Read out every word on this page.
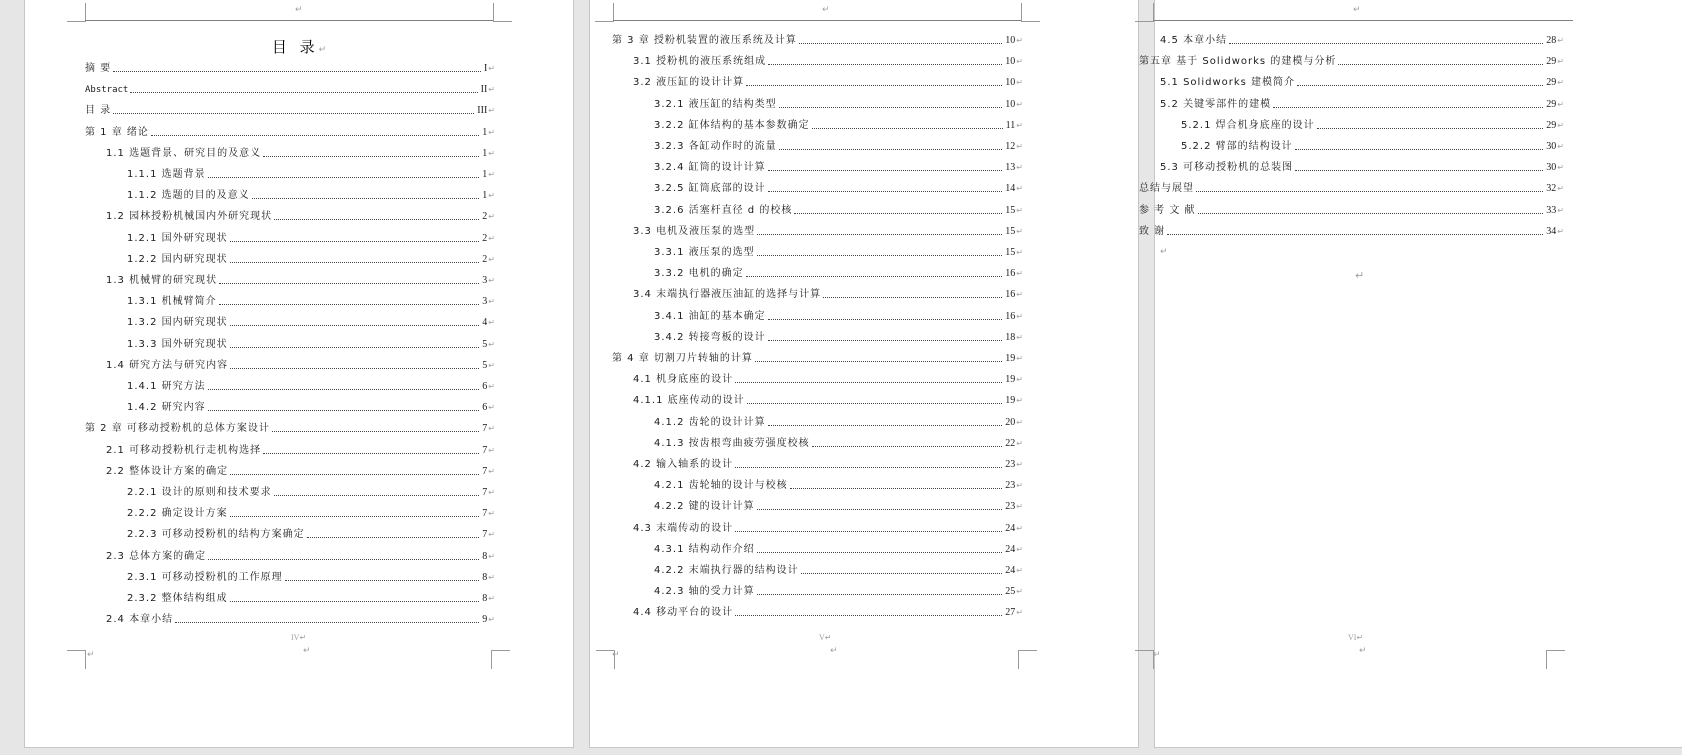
↵
目 录↵
摘 要	I ↵
Abstract	II ↵
目 录	III ↵
第 1 章 绪论	1 ↵
1.1 选题背景、研究目的及意义	1 ↵
1.1.1 选题背景	1 ↵
1.1.2 选题的目的及意义	1 ↵
1.2 园林授粉机械国内外研究现状	2 ↵
1.2.1 国外研究现状	2 ↵
1.2.2 国内研究现状	2 ↵
1.3 机械臂的研究现状	3 ↵
1.3.1 机械臂简介	3 ↵
1.3.2 国内研究现状	4 ↵
1.3.3 国外研究现状	5 ↵
1.4 研究方法与研究内容	5 ↵
1.4.1 研究方法	6 ↵
1.4.2 研究内容	6 ↵
第 2 章 可移动授粉机的总体方案设计	7 ↵
2.1 可移动授粉机行走机构选择	7 ↵
2.2 整体设计方案的确定	7 ↵
2.2.1 设计的原则和技术要求	7 ↵
2.2.2 确定设计方案	7 ↵
2.2.3 可移动授粉机的结构方案确定	7 ↵
2.3 总体方案的确定	8 ↵
2.3.1 可移动授粉机的工作原理	8 ↵
2.3.2 整体结构组成	8 ↵
2.4 本章小结	9 ↵
IV↵
↵	↵
↵
第 3 章 授粉机装置的液压系统及计算	10 ↵
3.1 授粉机的液压系统组成	10 ↵
3.2 液压缸的设计计算	10 ↵
3.2.1 液压缸的结构类型	10 ↵
3.2.2 缸体结构的基本参数确定	11 ↵
3.2.3 各缸动作时的流量	12 ↵
3.2.4 缸筒的设计计算	13 ↵
3.2.5 缸筒底部的设计	14 ↵
3.2.6 活塞杆直径 d 的校核	15 ↵
3.3 电机及液压泵的选型	15 ↵
3.3.1 液压泵的选型	15 ↵
3.3.2 电机的确定	16 ↵
3.4 末端执行器液压油缸的选择与计算	16 ↵
3.4.1 油缸的基本确定	16 ↵
3.4.2 转接弯板的设计	18 ↵
第 4 章 切割刀片转轴的计算	19 ↵
4.1 机身底座的设计	19 ↵
4.1.1 底座传动的设计	19 ↵
4.1.2 齿轮的设计计算	20 ↵
4.1.3 按齿根弯曲疲劳强度校核	22 ↵
4.2 输入轴系的设计	23 ↵
4.2.1 齿轮轴的设计与校核	23 ↵
4.2.2 键的设计计算	23 ↵
4.3 末端传动的设计	24 ↵
4.3.1 结构动作介绍	24 ↵
4.2.2 末端执行器的结构设计	24 ↵
4.2.3 轴的受力计算	25 ↵
4.4 移动平台的设计	27 ↵
V↵
↵	↵
↵
4.5 本章小结	28 ↵
第五章 基于 Solidworks 的建模与分析	29 ↵
5.1 Solidworks 建模简介	29 ↵
5.2 关键零部件的建模	29 ↵
5.2.1 焊合机身底座的设计	29 ↵
5.2.2 臂部的结构设计	30 ↵
5.3 可移动授粉机的总装图	30 ↵
总结与展望	32 ↵
参 考 文 献	33 ↵
致 谢	34 ↵
↵
↵
VI↵
↵	↵
